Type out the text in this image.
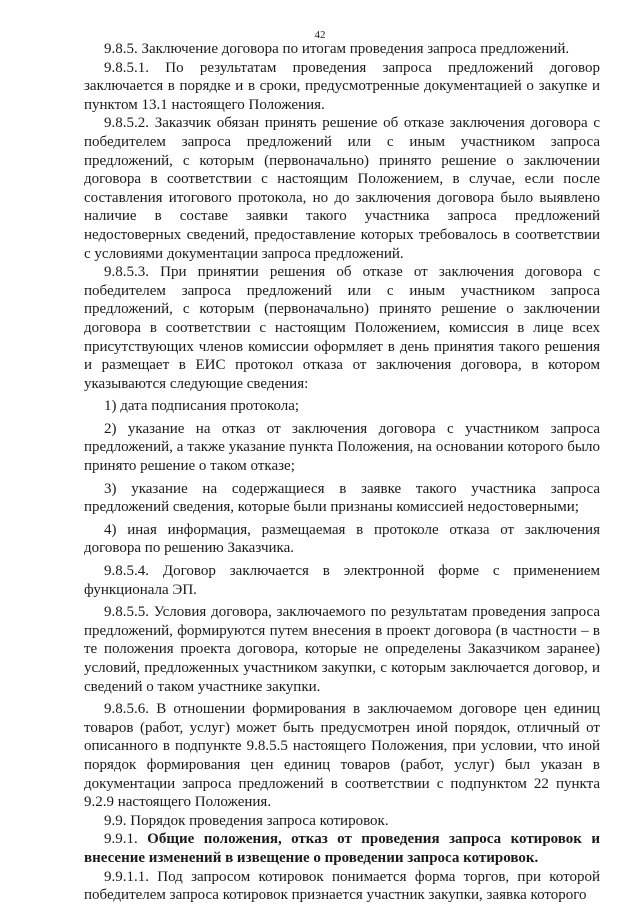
42

9.8.5. Заключение договора по итогам проведения запроса предложений.

9.8.5.1. По результатам проведения запроса предложений договор заключается в порядке и в сроки, предусмотренные документацией о закупке и пунктом 13.1 настоящего Положения.

9.8.5.2. Заказчик обязан принять решение об отказе заключения договора с победителем запроса предложений или с иным участником запроса предложений, с которым (первоначально) принято решение о заключении договора в соответствии с настоящим Положением, в случае, если после составления итогового протокола, но до заключения договора было выявлено наличие в составе заявки такого участника запроса предложений недостоверных сведений, предоставление которых требовалось в соответствии с условиями документации запроса предложений.

9.8.5.3. При принятии решения об отказе от заключения договора с победителем запроса предложений или с иным участником запроса предложений, с которым (первоначально) принято решение о заключении договора в соответствии с настоящим Положением, комиссия в лице всех присутствующих членов комиссии оформляет в день принятия такого решения и размещает в ЕИС протокол отказа от заключения договора, в котором указываются следующие сведения:

1) дата подписания протокола;

2) указание на отказ от заключения договора с участником запроса предложений, а также указание пункта Положения, на основании которого было принято решение о таком отказе;

3) указание на содержащиеся в заявке такого участника запроса предложений сведения, которые были признаны комиссией недостоверными;

4) иная информация, размещаемая в протоколе отказа от заключения договора по решению Заказчика.

9.8.5.4. Договор заключается в электронной форме с применением функционала ЭП.

9.8.5.5. Условия договора, заключаемого по результатам проведения запроса предложений, формируются путем внесения в проект договора (в частности – в те положения проекта договора, которые не определены Заказчиком заранее) условий, предложенных участником закупки, с которым заключается договор, и сведений о таком участнике закупки.

9.8.5.6. В отношении формирования в заключаемом договоре цен единиц товаров (работ, услуг) может быть предусмотрен иной порядок, отличный от описанного в подпункте 9.8.5.5 настоящего Положения, при условии, что иной порядок формирования цен единиц товаров (работ, услуг) был указан в документации запроса предложений в соответствии с подпунктом 22 пункта 9.2.9 настоящего Положения.

9.9. Порядок проведения запроса котировок.

9.9.1. Общие положения, отказ от проведения запроса котировок и внесение изменений в извещение о проведении запроса котировок.

9.9.1.1. Под запросом котировок понимается форма торгов, при которой победителем запроса котировок признается участник закупки, заявка которого
